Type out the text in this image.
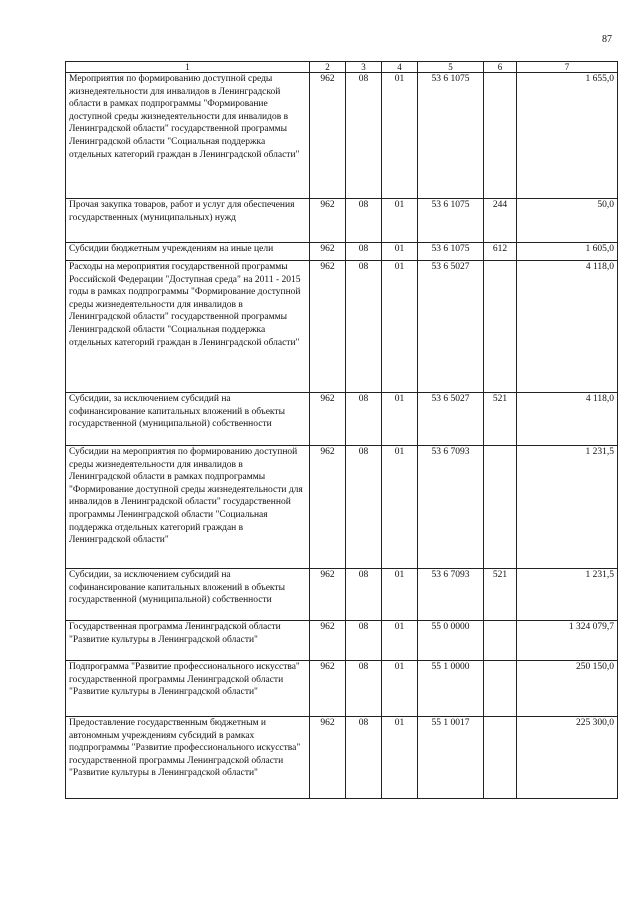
87
1	2	3	4	5	6	7
Мероприятия по формированию доступной среды жизнедеятельности для инвалидов в Ленинградской области в рамках подпрограммы "Формирование доступной среды жизнедеятельности для инвалидов в Ленинградской области" государственной программы Ленинградской области "Социальная поддержка отдельных категорий граждан в Ленинградской области"	962	08	01	53 6 1075		1 655,0
Прочая закупка товаров, работ и услуг для обеспечения государственных (муниципальных) нужд	962	08	01	53 6 1075	244	50,0
Субсидии бюджетным учреждениям на иные цели	962	08	01	53 6 1075	612	1 605,0
Расходы на мероприятия государственной программы Российской Федерации "Доступная среда" на 2011 - 2015 годы в рамках подпрограммы "Формирование доступной среды жизнедеятельности для инвалидов в Ленинградской области" государственной программы Ленинградской области "Социальная поддержка отдельных категорий граждан в Ленинградской области"	962	08	01	53 6 5027		4 118,0
Субсидии, за исключением субсидий на софинансирование капитальных вложений в объекты государственной (муниципальной) собственности	962	08	01	53 6 5027	521	4 118,0
Субсидии на мероприятия по формированию доступной среды жизнедеятельности для инвалидов в Ленинградской области в рамках подпрограммы "Формирование доступной среды жизнедеятельности для инвалидов в Ленинградской области" государственной программы Ленинградской области "Социальная поддержка отдельных категорий граждан в Ленинградской области"	962	08	01	53 6 7093		1 231,5
Субсидии, за исключением субсидий на софинансирование капитальных вложений в объекты государственной (муниципальной) собственности	962	08	01	53 6 7093	521	1 231,5
Государственная программа Ленинградской области "Развитие культуры в Ленинградской области"	962	08	01	55 0 0000		1 324 079,7
Подпрограмма "Развитие профессионального искусства" государственной программы Ленинградской области "Развитие культуры в Ленинградской области"	962	08	01	55 1 0000		250 150,0
Предоставление государственным бюджетным и автономным учреждениям субсидий в рамках подпрограммы "Развитие профессионального искусства" государственной программы Ленинградской области "Развитие культуры в Ленинградской области"	962	08	01	55 1 0017		225 300,0
